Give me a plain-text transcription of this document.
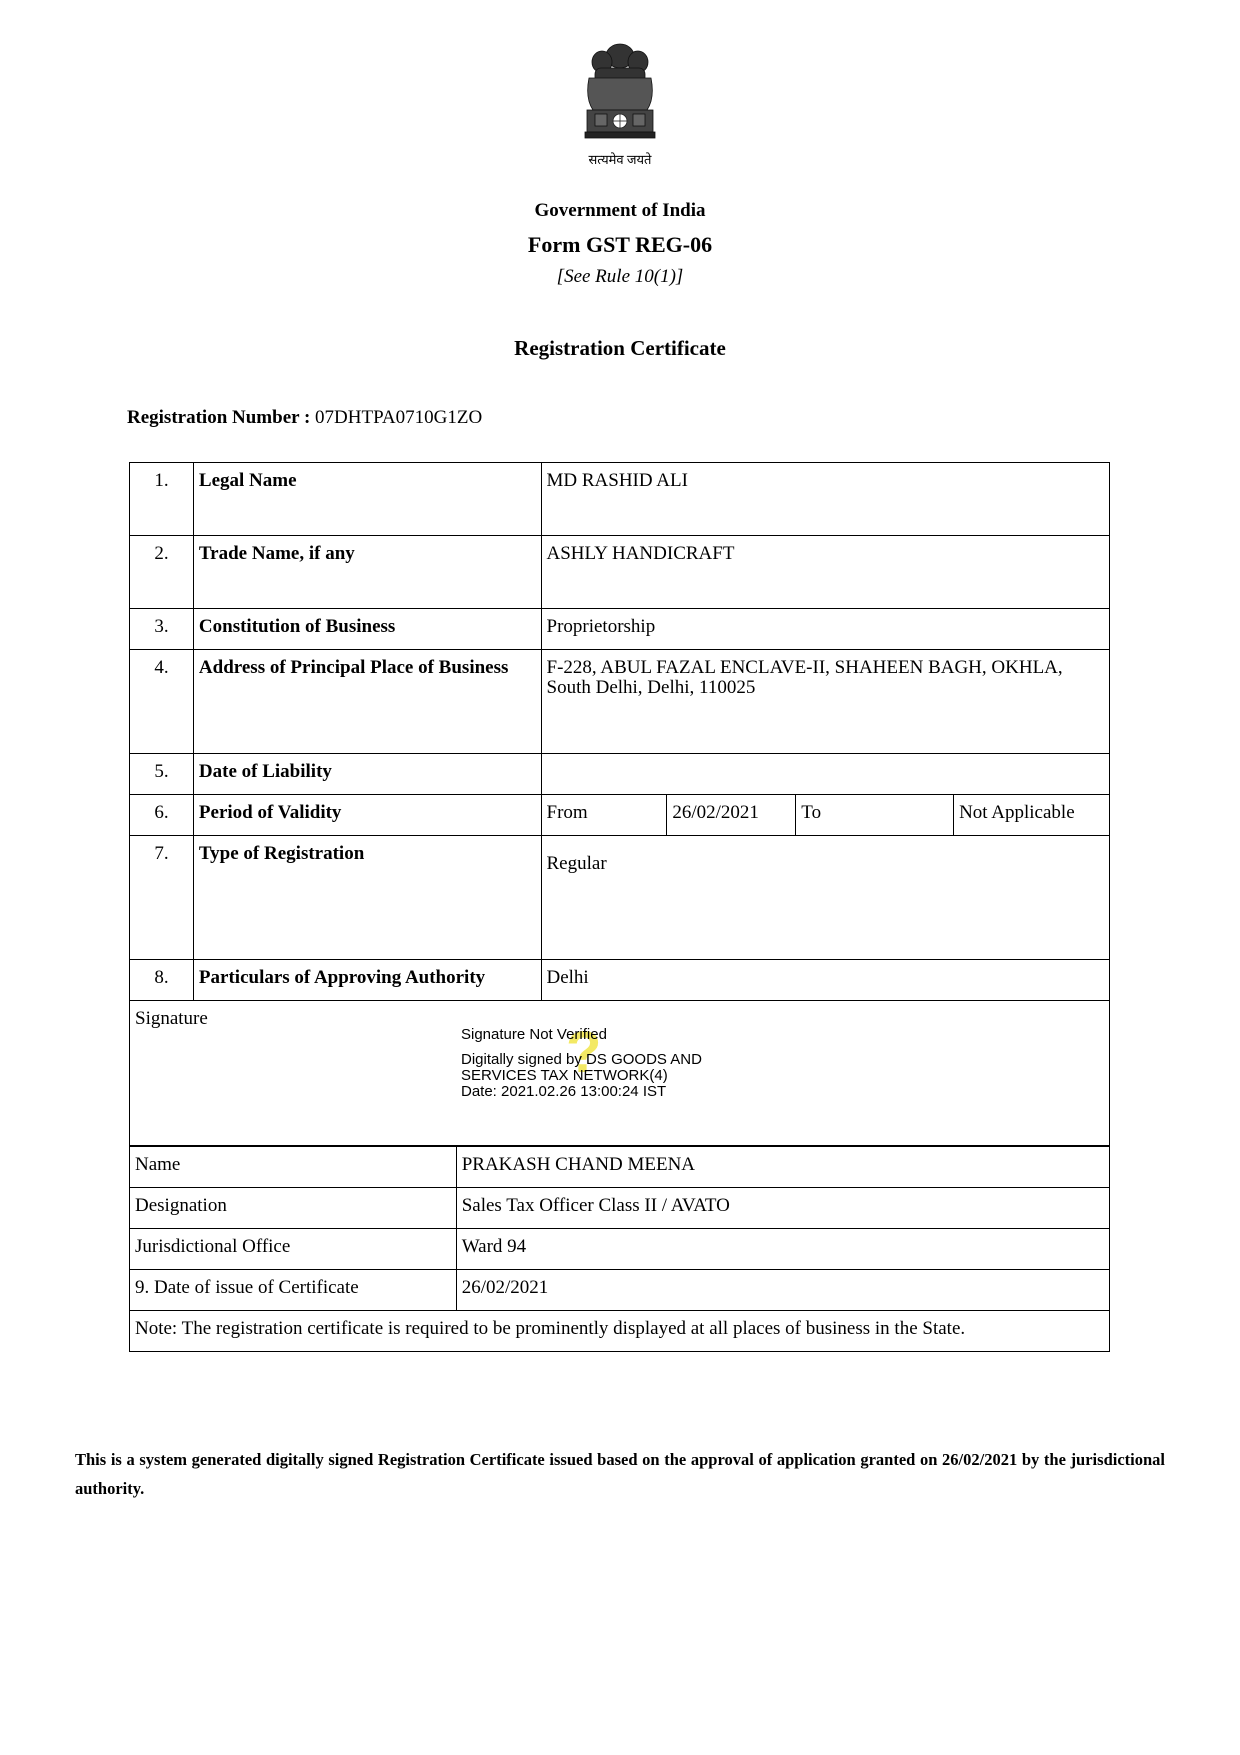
सत्यमेव जयते
Government of India
Form GST REG-06
[See Rule 10(1)]
Registration Certificate
Registration Number : 07DHTPA0710G1ZO
1.	Legal Name	MD RASHID ALI			
2.	Trade Name, if any	ASHLY HANDICRAFT			
3.	Constitution of Business	Proprietorship			
4.	Address of Principal Place of Business	F-228, ABUL FAZAL ENCLAVE-II, SHAHEEN BAGH, OKHLA, South Delhi, Delhi, 110025			
5.	Date of Liability				
6.	Period of Validity	From	26/02/2021	To	Not Applicable
7.	Type of Registration	Regular			

8.	Particulars of Approving Authority	Delhi			
Signature					
?
Signature Not Verified
Digitally signed by DS GOODS AND
SERVICES TAX NETWORK(4)
Date: 2021.02.26 13:00:24 IST
Name	PRAKASH CHAND MEENA
Designation	Sales Tax Officer Class II / AVATO
Jurisdictional Office	Ward 94
9. Date of issue of Certificate	26/02/2021
Note: The registration certificate is required to be prominently displayed at all places of business in the State.	
This is a system generated digitally signed Registration Certificate issued based on the approval of application granted on 26/02/2021 by the jurisdictional authority.
